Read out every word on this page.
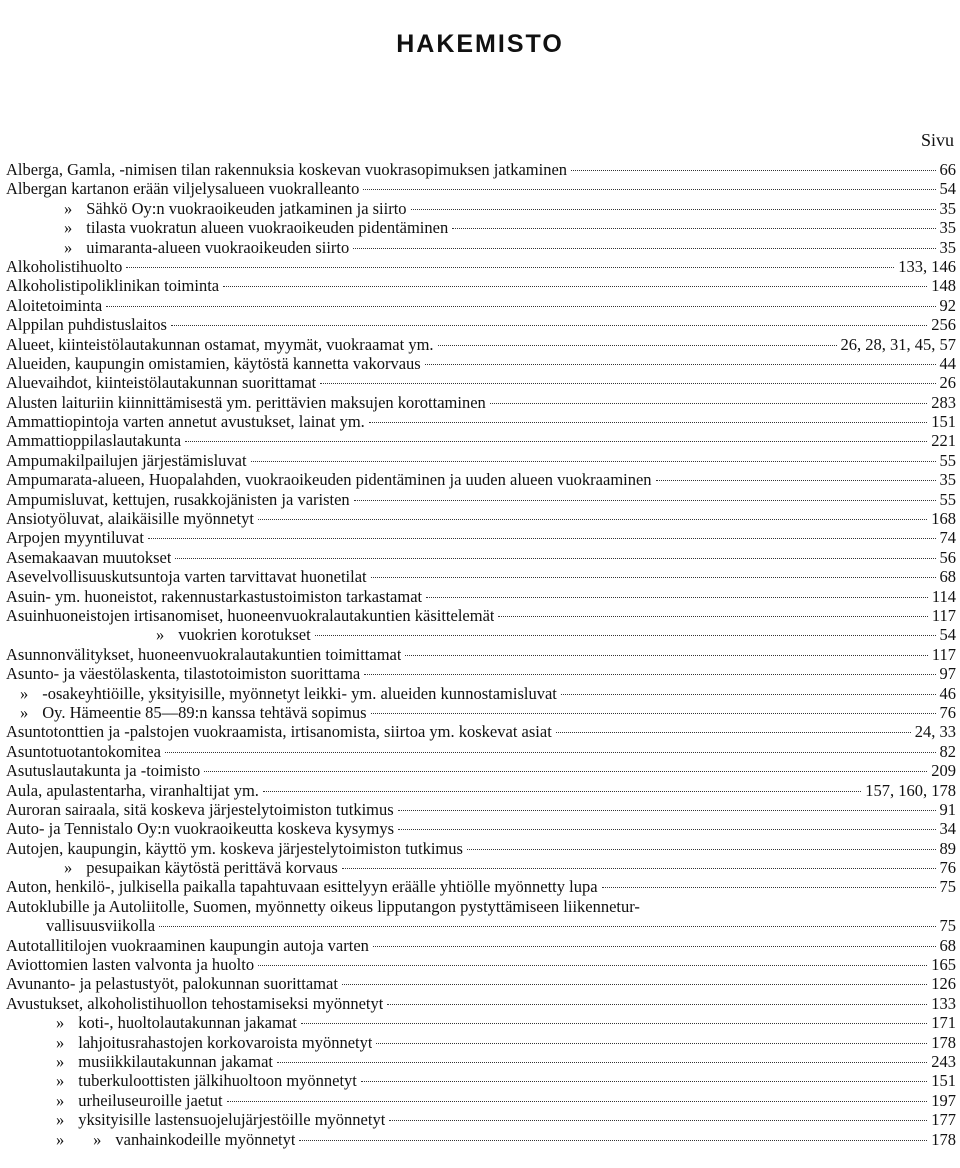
HAKEMISTO
Sivu
Alberga, Gamla, -nimisen tilan rakennuksia koskevan vuokrasopimuksen jatkaminen	66
Albergan kartanon erään viljelysalueen vuokralleanto	54
» Sähkö Oy:n vuokraoikeuden jatkaminen ja siirto	35
» tilasta vuokratun alueen vuokraoikeuden pidentäminen	35
» uimaranta-alueen vuokraoikeuden siirto	35
Alkoholistihuolto	133, 146
Alkoholistipoliklinikan toiminta	148
Aloitetoiminta	92
Alppilan puhdistuslaitos	256
Alueet, kiinteistölautakunnan ostamat, myymät, vuokraamat ym.	26, 28, 31, 45, 57
Alueiden, kaupungin omistamien, käytöstä kannetta vakorvaus	44
Aluevaihdot, kiinteistölautakunnan suorittamat	26
Alusten laituriin kiinnittämisestä ym. perittävien maksujen korottaminen	283
Ammattiopintoja varten annetut avustukset, lainat ym.	151
Ammattioppilaslautakunta	221
Ampumakilpailujen järjestämisluvat	55
Ampumarata-alueen, Huopalahden, vuokraoikeuden pidentäminen ja uuden alueen vuokraaminen	35
Ampumisluvat, kettujen, rusakkojänisten ja varisten	55
Ansiotyöluvat, alaikäisille myönnetyt	168
Arpojen myyntiluvat	74
Asemakaavan muutokset	56
Asevelvollisuuskutsuntoja varten tarvittavat huonetilat	68
Asuin- ym. huoneistot, rakennustarkastustoimiston tarkastamat	114
Asuinhuoneistojen irtisanomiset, huoneenvuokralautakuntien käsittelemät	117
» vuokrien korotukset	54
Asunnonvälitykset, huoneenvuokralautakuntien toimittamat	117
Asunto- ja väestölaskenta, tilastotoimiston suorittama	97
» -osakeyhtiöille, yksityisille, myönnetyt leikki- ym. alueiden kunnostamisluvat	46
» Oy. Hämeentie 85—89:n kanssa tehtävä sopimus	76
Asuntotonttien ja -palstojen vuokraamista, irtisanomista, siirtoa ym. koskevat asiat	24, 33
Asuntotuotantokomitea	82
Asutuslautakunta ja -toimisto	209
Aula, apulastentarha, viranhaltijat ym.	157, 160, 178
Auroran sairaala, sitä koskeva järjestelytoimiston tutkimus	91
Auto- ja Tennistalo Oy:n vuokraoikeutta koskeva kysymys	34
Autojen, kaupungin, käyttö ym. koskeva järjestelytoimiston tutkimus	89
» pesupaikan käytöstä perittävä korvaus	76
Auton, henkilö-, julkisella paikalla tapahtuvaan esittelyyn eräälle yhtiölle myönnetty lupa	75
Autoklubille ja Autoliitolle, Suomen, myönnetty oikeus lipputangon pystyttämiseen liikennetur-
vallisuusviikolla	75
Autotallitilojen vuokraaminen kaupungin autoja varten	68
Aviottomien lasten valvonta ja huolto	165
Avunanto- ja pelastustyöt, palokunnan suorittamat	126
Avustukset, alkoholistihuollon tehostamiseksi myönnetyt	133
» koti-, huoltolautakunnan jakamat	171
» lahjoitusrahastojen korkovaroista myönnetyt	178
» musiikkilautakunnan jakamat	243
» tuberkuloottisten jälkihuoltoon myönnetyt	151
» urheiluseuroille jaetut	197
» yksityisille lastensuojelujärjestöille myönnetyt	177
»       » vanhainkodeille myönnetyt	178
